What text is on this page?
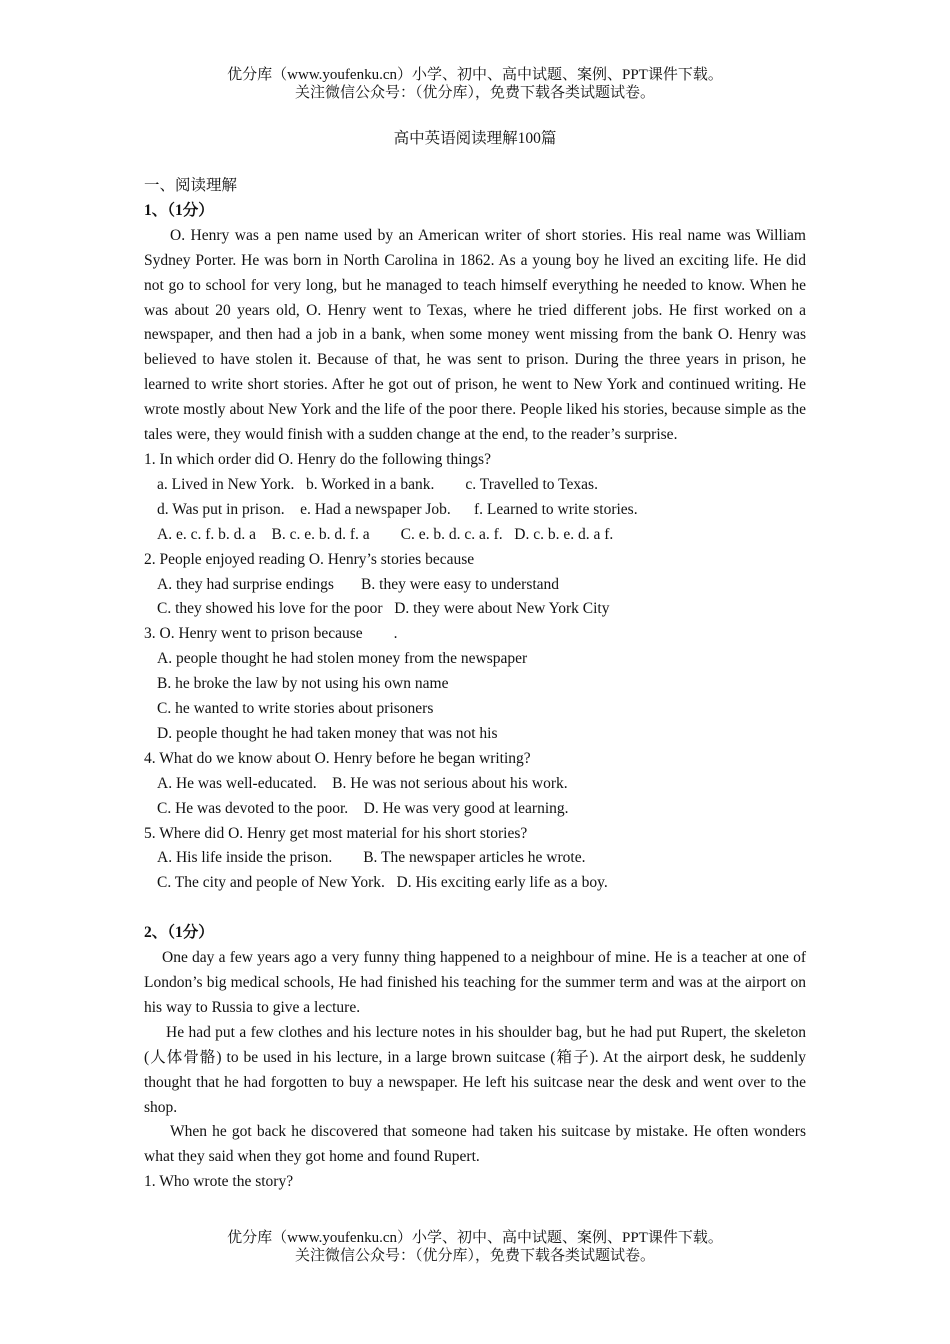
优分库（www.youfenku.cn）小学、初中、高中试题、案例、PPT课件下载。
关注微信公众号：（优分库），免费下载各类试题试卷。
高中英语阅读理解100篇

一、阅读理解

1、（1分）

O. Henry was a pen name used by an American writer of short stories. His real name was William Sydney Porter. He was born in North Carolina in 1862. As a young boy he lived an exciting life. He did not go to school for very long, but he managed to teach himself everything he needed to know. When he was about 20 years old, O. Henry went to Texas, where he tried different jobs. He first worked on a newspaper, and then had a job in a bank, when some money went missing from the bank O. Henry was believed to have stolen it. Because of that, he was sent to prison. During the three years in prison, he learned to write short stories. After he got out of prison, he went to New York and continued writing. He wrote mostly about New York and the life of the poor there. People liked his stories, because simple as the tales were, they would finish with a sudden change at the end, to the reader’s surprise.

1. In which order did O. Henry do the following things?

a. Lived in New York.   b. Worked in a bank.        c. Travelled to Texas.

d. Was put in prison.    e. Had a newspaper Job.      f. Learned to write stories.

A. e. c. f. b. d. a    B. c. e. b. d. f. a        C. e. b. d. c. a. f.   D. c. b. e. d. a f.

2. People enjoyed reading O. Henry’s stories because

A. they had surprise endings       B. they were easy to understand

C. they showed his love for the poor   D. they were about New York City

3. O. Henry went to prison because        .

A. people thought he had stolen money from the newspaper

B. he broke the law by not using his own name

C. he wanted to write stories about prisoners

D. people thought he had taken money that was not his

4. What do we know about O. Henry before he began writing?

A. He was well-educated.    B. He was not serious about his work.

C. He was devoted to the poor.    D. He was very good at learning.

5. Where did O. Henry get most material for his short stories?

A. His life inside the prison.        B. The newspaper articles he wrote.

C. The city and people of New York.   D. His exciting early life as a boy.

2、（1分）

One day a few years ago a very funny thing happened to a neighbour of mine. He is a teacher at one of London’s big medical schools, He had finished his teaching for the summer term and was at the airport on his way to Russia to give a lecture.

He had put a few clothes and his lecture notes in his shoulder bag, but he had put Rupert, the skeleton (人体骨骼) to be used in his lecture, in a large brown suitcase (箱子). At the airport desk, he suddenly thought that he had forgotten to buy a newspaper. He left his suitcase near the desk and went over to the shop.

When he got back he discovered that someone had taken his suitcase by mistake. He often wonders what they said when they got home and found Rupert.

1. Who wrote the story?

优分库（www.youfenku.cn）小学、初中、高中试题、案例、PPT课件下载。
关注微信公众号：（优分库），免费下载各类试题试卷。
